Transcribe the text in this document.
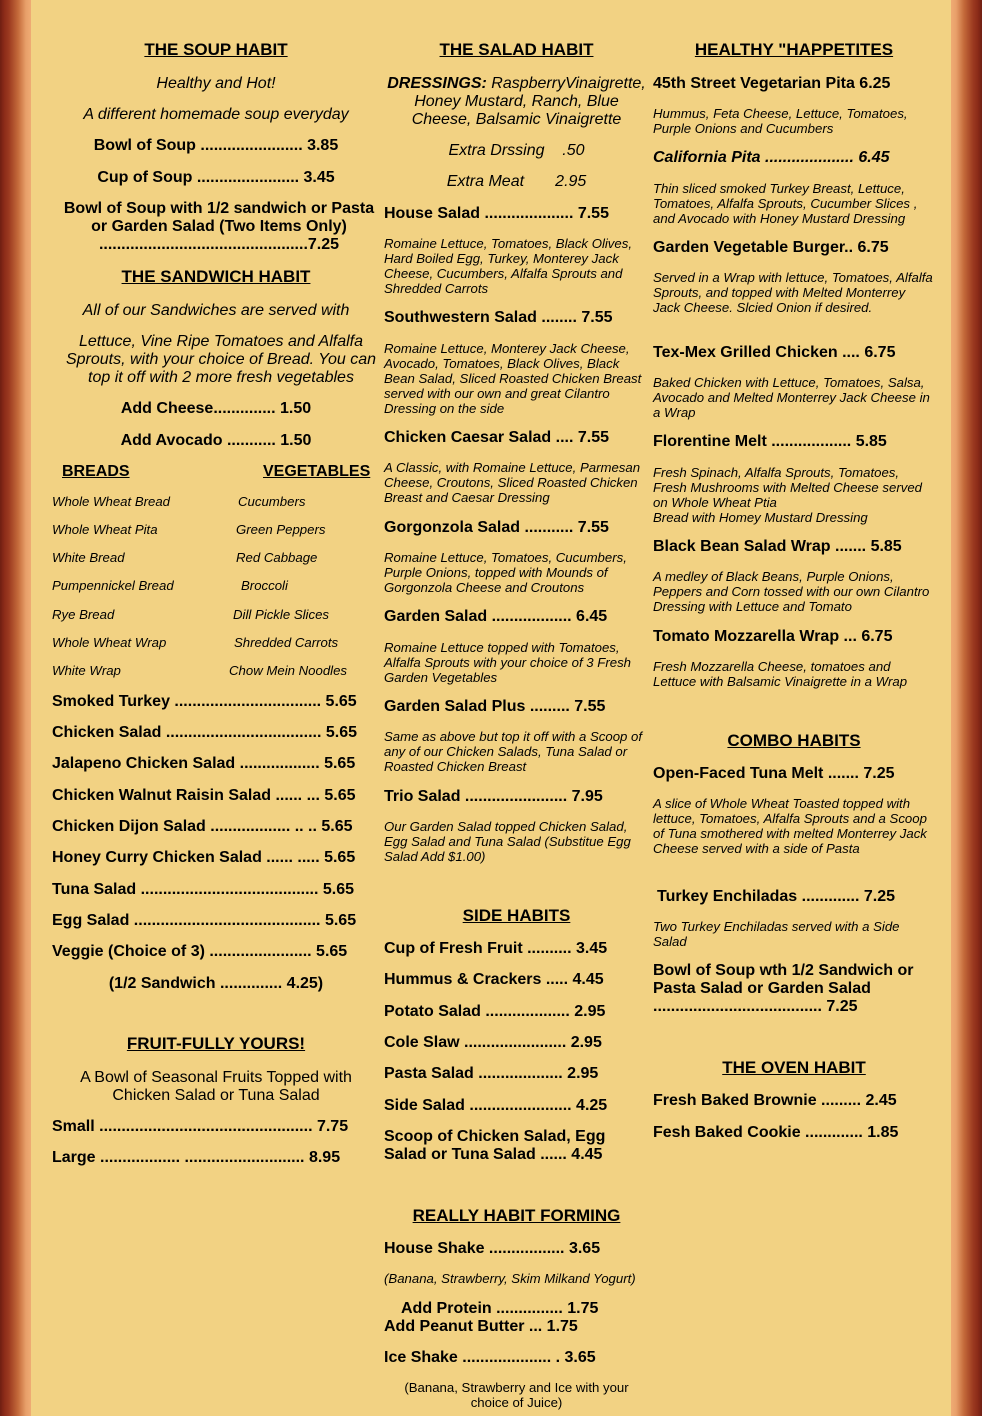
THE SOUP HABIT
Healthy and Hot!
A different homemade soup everyday
Bowl of Soup ....................... 3.85
Cup of Soup ....................... 3.45
Bowl of Soup with 1/2 sandwich or Pasta or Garden Salad (Two Items Only) ...............................................7.25
THE SANDWICH HABIT
All of our Sandwiches are served with
Lettuce, Vine Ripe Tomatoes and Alfalfa Sprouts, with your choice of Bread. You can top it off with 2 more fresh vegetables
Add Cheese.............. 1.50
Add Avocado ........... 1.50
BREADS	VEGETABLES
Whole Wheat Bread
Whole Wheat Pita
White Bread
Pumpennickel Bread
Rye Bread
Whole Wheat Wrap
White Wrap
Cucumbers
Green Peppers
Red Cabbage
Broccoli
Dill Pickle Slices
Shredded Carrots
Chow Mein Noodles
Smoked Turkey ................................. 5.65
Chicken Salad ................................... 5.65
Jalapeno Chicken Salad .................. 5.65
Chicken Walnut Raisin Salad ...... ... 5.65
Chicken Dijon Salad .................. .. .. 5.65
Honey Curry Chicken Salad ...... ..... 5.65
Tuna Salad ........................................ 5.65
Egg Salad .......................................... 5.65
Veggie (Choice of 3) ....................... 5.65
(1/2 Sandwich .............. 4.25)
FRUIT-FULLY YOURS!
A Bowl of Seasonal Fruits Topped with Chicken Salad or Tuna Salad
Small ................................................ 7.75
Large .................. ........................... 8.95
THE SALAD HABIT
DRESSINGS: RaspberryVinaigrette, Honey Mustard, Ranch, Blue Cheese, Balsamic Vinaigrette
Extra Drssing    .50
Extra Meat       2.95
House Salad .................... 7.55
Romaine Lettuce, Tomatoes, Black Olives, Hard Boiled Egg, Turkey, Monterey Jack Cheese, Cucumbers, Alfalfa Sprouts and Shredded Carrots
Southwestern Salad ........ 7.55
Romaine Lettuce, Monterey Jack Cheese, Avocado, Tomatoes, Black Olives, Black Bean Salad, Sliced Roasted Chicken Breast served with our own and great Cilantro Dressing on the side
Chicken Caesar Salad .... 7.55
A Classic, with Romaine Lettuce, Parmesan Cheese, Croutons, Sliced Roasted Chicken Breast and Caesar Dressing
Gorgonzola Salad ........... 7.55
Romaine Lettuce, Tomatoes, Cucumbers, Purple Onions, topped with Mounds of Gorgonzola Cheese and Croutons
Garden Salad .................. 6.45
Romaine Lettuce topped with Tomatoes, Alfalfa Sprouts with your choice of 3 Fresh Garden Vegetables
Garden Salad Plus ......... 7.55
Same as above but top it off with a Scoop of any of our Chicken Salads, Tuna Salad or Roasted Chicken Breast
Trio Salad ....................... 7.95
Our Garden Salad topped Chicken Salad, Egg Salad and Tuna Salad (Substitue Egg Salad Add $1.00)
SIDE HABITS
Cup of Fresh Fruit .......... 3.45
Hummus & Crackers ..... 4.45
Potato Salad ................... 2.95
Cole Slaw ....................... 2.95
Pasta Salad ................... 2.95
Side Salad ....................... 4.25
Scoop of Chicken Salad, Egg Salad or Tuna Salad ...... 4.45
REALLY HABIT FORMING
House Shake ................. 3.65
(Banana, Strawberry, Skim Milkand Yogurt)
Add Protein ............... 1.75
Add Peanut Butter ... 1.75
Ice Shake .................... . 3.65
(Banana, Strawberry and Ice with your choice of Juice)
HEALTHY "HAPPETITES
45th Street Vegetarian Pita 6.25
Hummus, Feta Cheese, Lettuce, Tomatoes, Purple Onions and Cucumbers
California Pita .................... 6.45
Thin sliced smoked Turkey Breast, Lettuce, Tomatoes, Alfalfa Sprouts, Cucumber Slices , and Avocado with Honey Mustard Dressing
Garden Vegetable Burger.. 6.75
Served in a Wrap with lettuce, Tomatoes, Alfalfa Sprouts, and topped with Melted Monterrey Jack Cheese. Slcied Onion if desired.
Tex-Mex Grilled Chicken .... 6.75
Baked Chicken with Lettuce, Tomatoes, Salsa, Avocado and Melted Monterrey Jack Cheese in a Wrap
Florentine Melt .................. 5.85
Fresh Spinach, Alfalfa Sprouts, Tomatoes, Fresh Mushrooms with Melted Cheese served on Whole Wheat Ptia
Bread with Homey Mustard Dressing
Black Bean Salad Wrap ....... 5.85
A medley of Black Beans, Purple Onions, Peppers and Corn tossed with our own Cilantro Dressing with Lettuce and Tomato
Tomato Mozzarella Wrap ... 6.75
Fresh Mozzarella Cheese, tomatoes and Lettuce with Balsamic Vinaigrette in a Wrap
COMBO HABITS
Open-Faced Tuna Melt ....... 7.25
A slice of Whole Wheat Toasted topped with lettuce, Tomatoes, Alfalfa Sprouts and a Scoop of Tuna smothered with melted Monterrey Jack Cheese served with a side of Pasta
Turkey Enchiladas ............. 7.25
Two Turkey Enchiladas served with a Side Salad
Bowl of Soup wth 1/2 Sandwich or Pasta Salad or Garden Salad ...................................... 7.25
THE OVEN HABIT
Fresh Baked Brownie ......... 2.45
Fesh Baked Cookie ............. 1.85
